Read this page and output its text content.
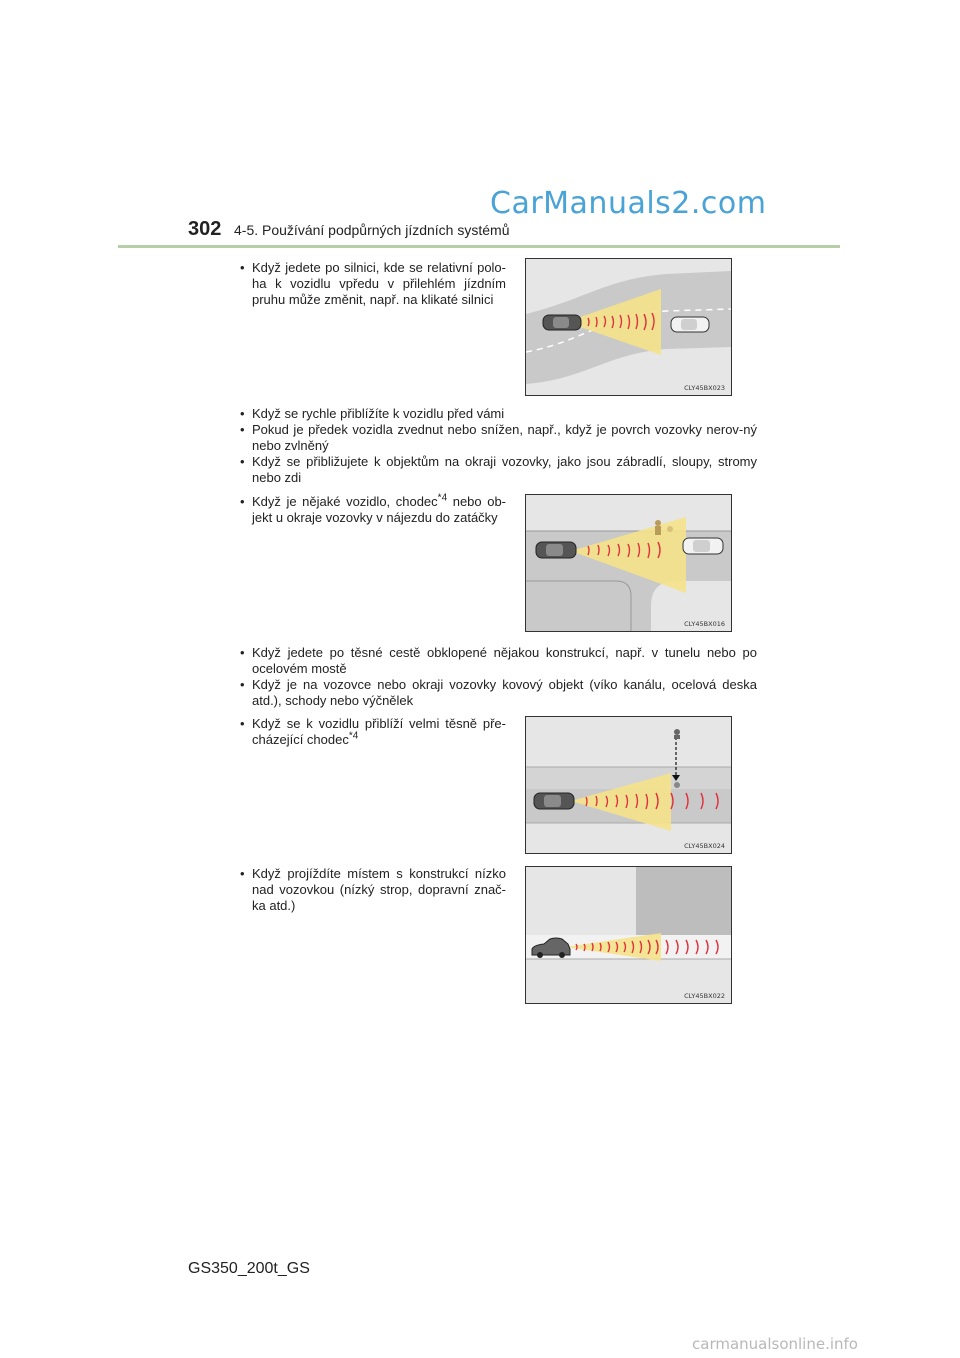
CarManuals2.com
302 4-5. Používání podpůrných jízdních systémů
• Když jedete po silnici, kde se relativní polo-ha k vozidlu vpředu v přilehlém jízdním pruhu může změnit, např. na klikaté silnici
CLY45BX023
• Když se rychle přiblížíte k vozidlu před vámi
• Pokud je předek vozidla zvednut nebo snížen, např., když je povrch vozovky nerov-ný nebo zvlněný
• Když se přibližujete k objektům na okraji vozovky, jako jsou zábradlí, sloupy, stromy nebo zdi
• Když je nějaké vozidlo, chodec$^{*4}$ nebo ob-jekt u okraje vozovky v nájezdu do zatáčky
CLY45BX016
• Když jedete po těsné cestě obklopené nějakou konstrukcí, např. v tunelu nebo po ocelovém mostě
• Když je na vozovce nebo okraji vozovky kovový objekt (víko kanálu, ocelová deska atd.), schody nebo výčnělek
• Když se k vozidlu přiblíží velmi těsně pře-cházející chodec$^{*4}$
CLY45BX024
• Když projíždíte místem s konstrukcí nízko nad vozovkou (nízký strop, dopravní znač-ka atd.)
CLY45BX022
GS350_200t_GS
carmanualsonline.info
